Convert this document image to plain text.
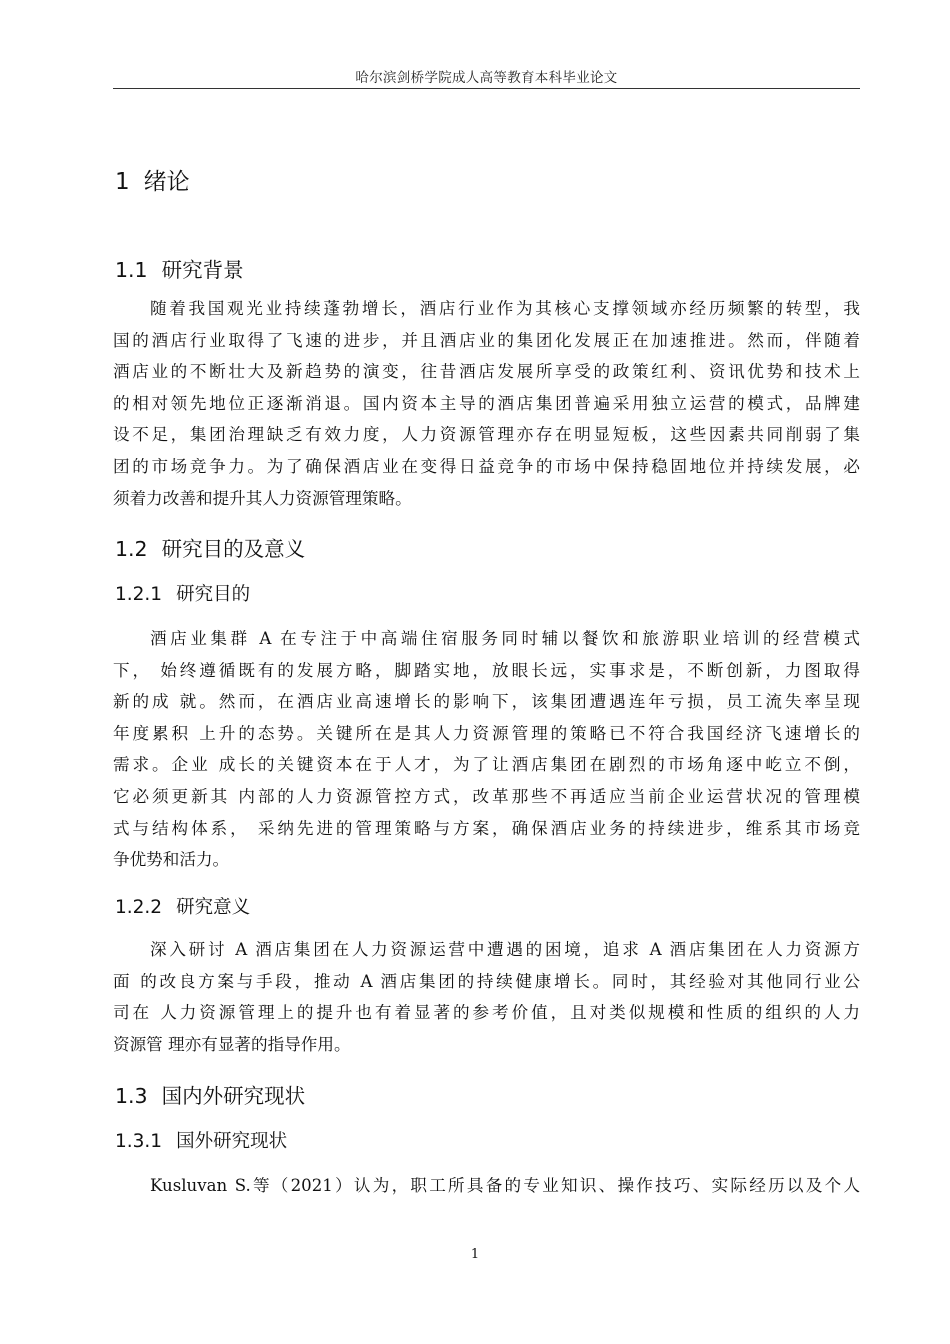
哈尔滨剑桥学院成人高等教育本科毕业论文
1 绪论
1.1 研究背景
随着我国观光业持续蓬勃增长，酒店行业作为其核心支撑领域亦经历频繁的转型，我
国的酒店行业取得了飞速的进步，并且酒店业的集团化发展正在加速推进。然而，伴随着
酒店业的不断壮大及新趋势的演变，往昔酒店发展所享受的政策红利、资讯优势和技术上
的相对领先地位正逐渐消退。国内资本主导的酒店集团普遍采用独立运营的模式，品牌建
设不足，集团治理缺乏有效力度，人力资源管理亦存在明显短板，这些因素共同削弱了集
团的市场竞争力。为了确保酒店业在变得日益竞争的市场中保持稳固地位并持续发展，必
须着力改善和提升其人力资源管理策略。
1.2 研究目的及意义
1.2.1 研究目的
酒店业集群 A 在专注于中高端住宿服务同时辅以餐饮和旅游职业培训的经营模式
下， 始终遵循既有的发展方略，脚踏实地，放眼长远，实事求是，不断创新，力图取得
新的成 就。然而，在酒店业高速增长的影响下，该集团遭遇连年亏损，员工流失率呈现
年度累积 上升的态势。关键所在是其人力资源管理的策略已不符合我国经济飞速增长的
需求。企业 成长的关键资本在于人才，为了让酒店集团在剧烈的市场角逐中屹立不倒，
它必须更新其 内部的人力资源管控方式，改革那些不再适应当前企业运营状况的管理模
式与结构体系， 采纳先进的管理策略与方案，确保酒店业务的持续进步，维系其市场竞
争优势和活力。
1.2.2 研究意义
深入研讨 A 酒店集团在人力资源运营中遭遇的困境，追求 A 酒店集团在人力资源方
面 的改良方案与手段，推动 A 酒店集团的持续健康增长。同时，其经验对其他同行业公
司在 人力资源管理上的提升也有着显著的参考价值，且对类似规模和性质的组织的人力
资源管 理亦有显著的指导作用。
1.3 国内外研究现状
1.3.1 国外研究现状
Kusluvan S.等（2021）认为，职工所具备的专业知识、操作技巧、实际经历以及个人
1
